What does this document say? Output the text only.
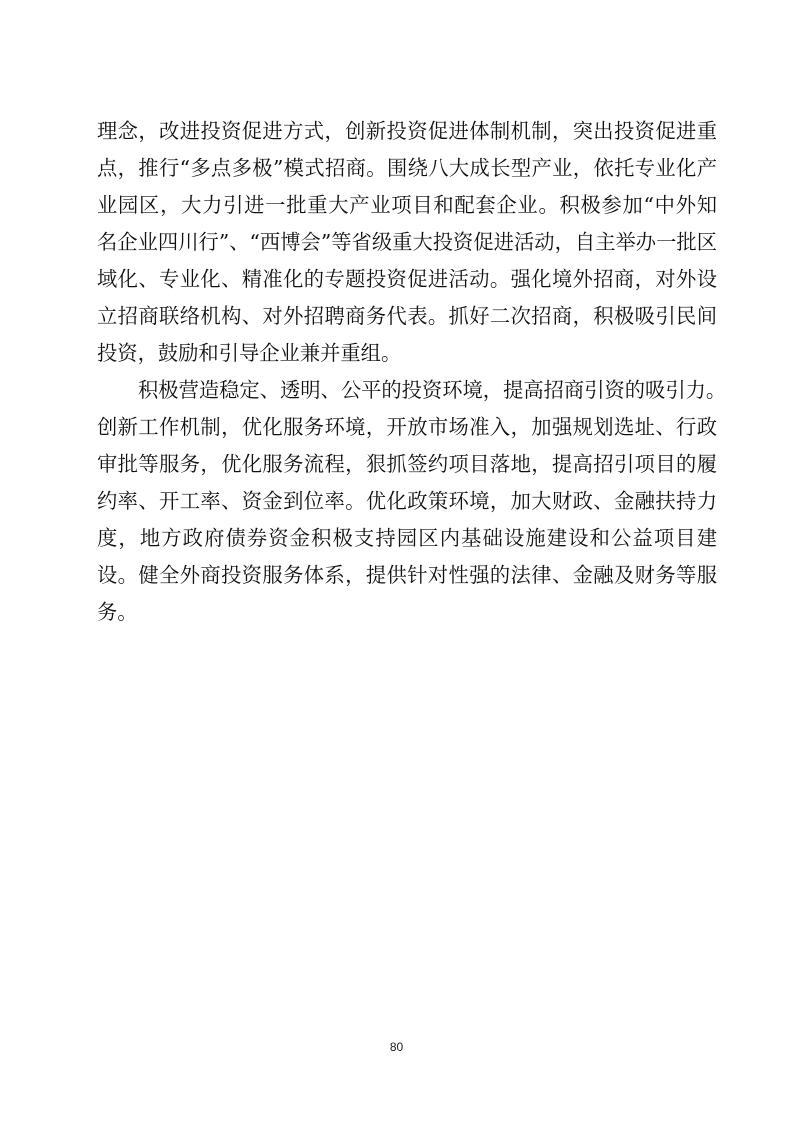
理念，改进投资促进方式，创新投资促进体制机制，突出投资促进重
点，推行“多点多极”模式招商。围绕八大成长型产业，依托专业化产
业园区，大力引进一批重大产业项目和配套企业。积极参加“中外知
名企业四川行”、“西博会”等省级重大投资促进活动，自主举办一批区
域化、专业化、精准化的专题投资促进活动。强化境外招商，对外设
立招商联络机构、对外招聘商务代表。抓好二次招商，积极吸引民间
投资，鼓励和引导企业兼并重组。
积极营造稳定、透明、公平的投资环境，提高招商引资的吸引力。
创新工作机制，优化服务环境，开放市场准入，加强规划选址、行政
审批等服务，优化服务流程，狠抓签约项目落地，提高招引项目的履
约率、开工率、资金到位率。优化政策环境，加大财政、金融扶持力
度，地方政府债券资金积极支持园区内基础设施建设和公益项目建
设。健全外商投资服务体系，提供针对性强的法律、金融及财务等服
务。
80
